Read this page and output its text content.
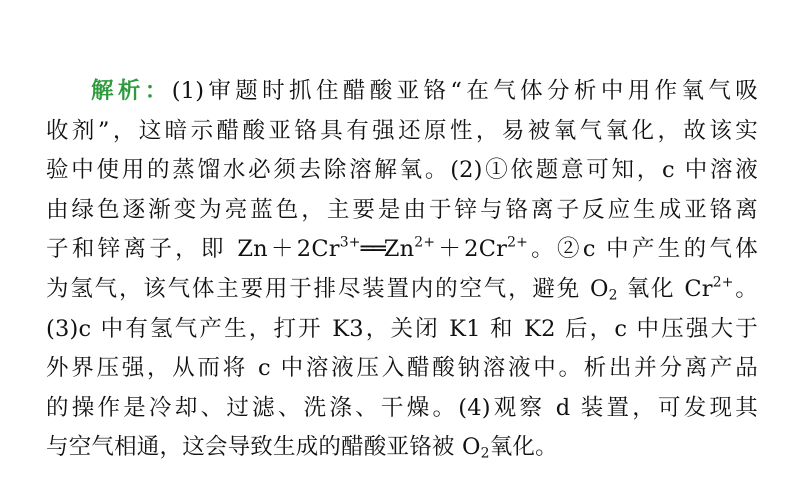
解析：(1)审题时抓住醋酸亚铬“在气体分析中用作氧气吸
收剂”，这暗示醋酸亚铬具有强还原性，易被氧气氧化，故该实
验中使用的蒸馏水必须去除溶解氧。(2)①依题意可知，c 中溶液
由绿色逐渐变为亮蓝色，主要是由于锌与铬离子反应生成亚铬离
子和锌离子，即 $Zn+2Cr^{3+}══Zn^{2+}+2Cr^{2+}$。②c 中产生的气体
为氢气，该气体主要用于排尽装置内的空气，避免 $O_2$ 氧化 $Cr^{2+}$。
(3)c 中有氢气产生，打开 K3，关闭 K1 和 K2 后，c 中压强大于
外界压强，从而将 c 中溶液压入醋酸钠溶液中。析出并分离产品
的操作是冷却、过滤、洗涤、干燥。(4)观察 d 装置，可发现其
与空气相通，这会导致生成的醋酸亚铬被 $O_2$氧化。
